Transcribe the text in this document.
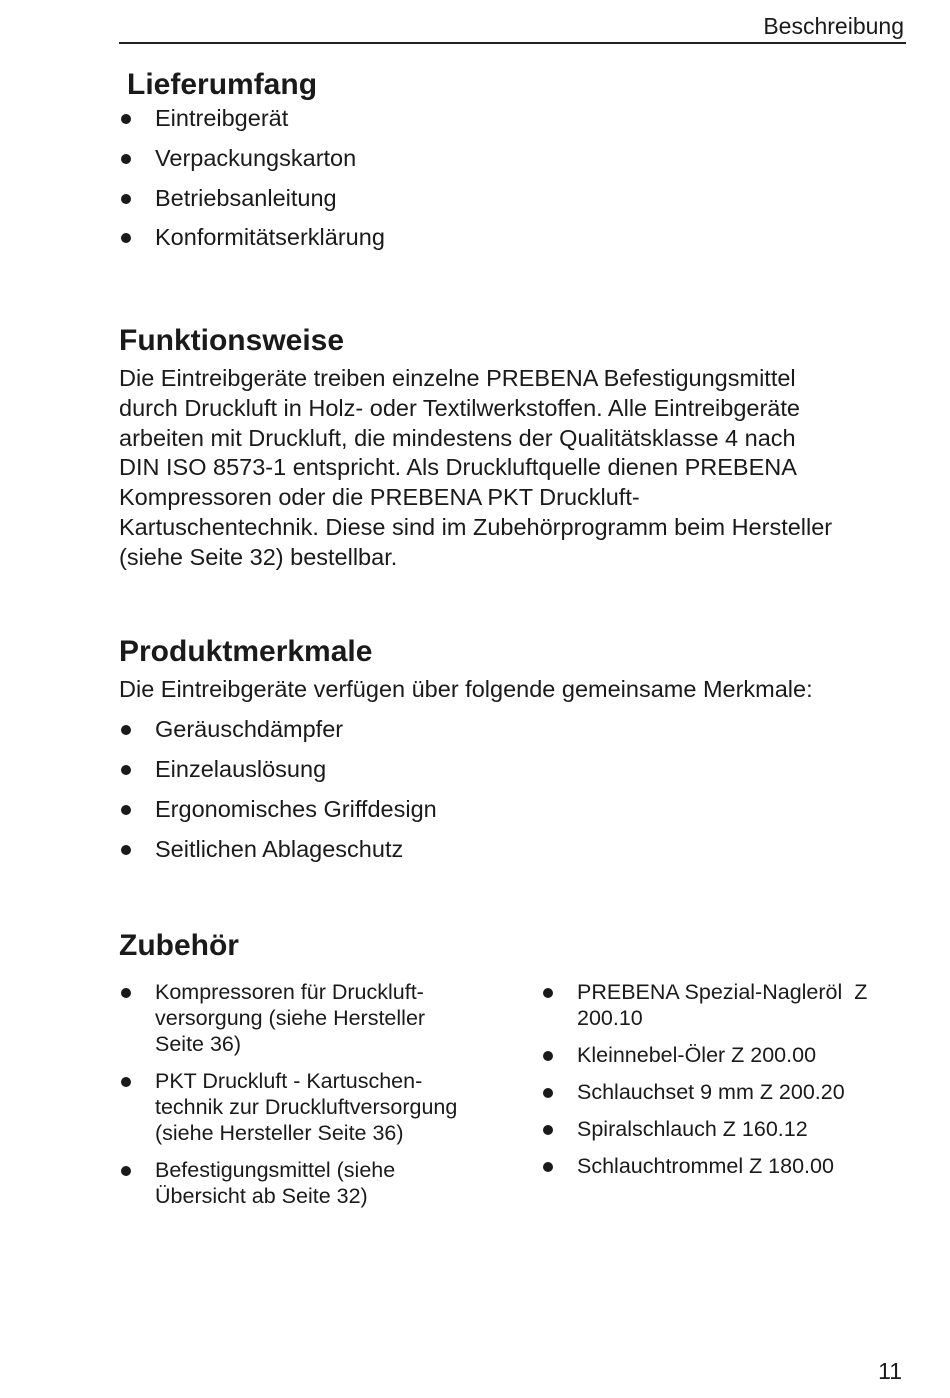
Beschreibung
Lieferumfang
Eintreibgerät
Verpackungskarton
Betriebsanleitung
Konformitätserklärung
Funktionsweise
Die Eintreibgeräte treiben einzelne PREBENA Befestigungsmittel
durch Druckluft in Holz- oder Textilwerkstoffen. Alle Eintreibgeräte
arbeiten mit Druckluft, die mindestens der Qualitätsklasse 4 nach
DIN ISO 8573-1 entspricht. Als Druckluftquelle dienen PREBENA
Kompressoren oder die PREBENA PKT Druckluft-
Kartuschentechnik. Diese sind im Zubehörprogramm beim Hersteller
(siehe Seite 32) bestellbar.
Produktmerkmale

Die Eintreibgeräte verfügen über folgende gemeinsame Merkmale:

Geräuschdämpfer
Einzelauslösung
Ergonomisches Griffdesign
Seitlichen Ablageschutz
Zubehör
Kompressoren für Druckluft-
versorgung (siehe Hersteller
Seite 36)
PKT Druckluft - Kartuschen-
technik zur Druckluftversorgung
(siehe Hersteller Seite 36)
Befestigungsmittel (siehe
Übersicht ab Seite 32)
PREBENA Spezial-Nagleröl  Z
200.10
Kleinnebel-Öler Z 200.00
Schlauchset 9 mm Z 200.20
Spiralschlauch Z 160.12
Schlauchtrommel Z 180.00
11
